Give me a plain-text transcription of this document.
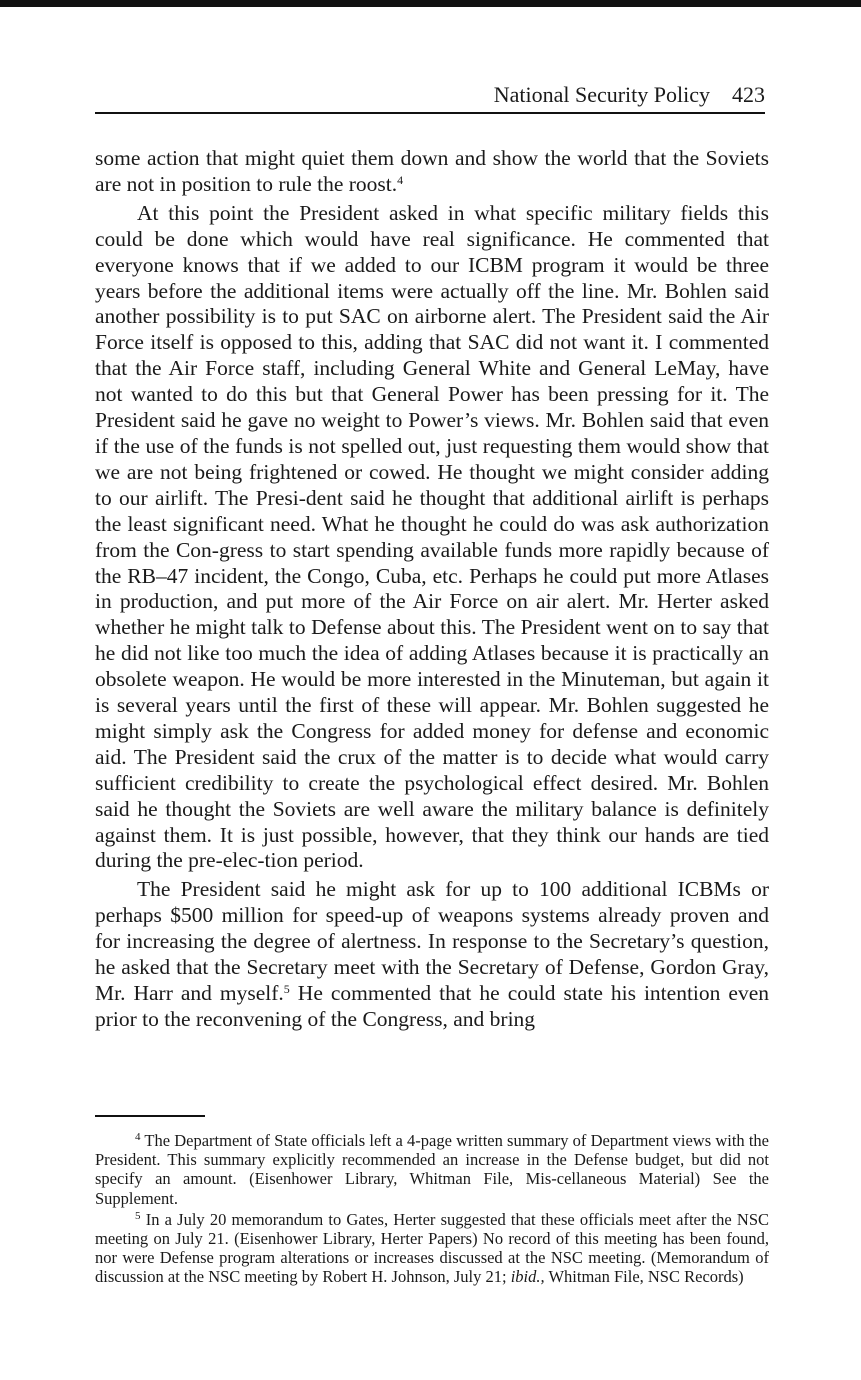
National Security Policy 423

some action that might quiet them down and show the world that the Soviets are not in position to rule the roost.$^4$

At this point the President asked in what specific military fields this could be done which would have real significance. He commented that everyone knows that if we added to our ICBM program it would be three years before the additional items were actually off the line. Mr. Bohlen said another possibility is to put SAC on airborne alert. The President said the Air Force itself is opposed to this, adding that SAC did not want it. I commented that the Air Force staff, including General White and General LeMay, have not wanted to do this but that General Power has been pressing for it. The President said he gave no weight to Power’s views. Mr. Bohlen said that even if the use of the funds is not spelled out, just requesting them would show that we are not being frightened or cowed. He thought we might consider adding to our airlift. The Presi-dent said he thought that additional airlift is perhaps the least significant need. What he thought he could do was ask authorization from the Con-gress to start spending available funds more rapidly because of the RB–47 incident, the Congo, Cuba, etc. Perhaps he could put more Atlases in production, and put more of the Air Force on air alert. Mr. Herter asked whether he might talk to Defense about this. The President went on to say that he did not like too much the idea of adding Atlases because it is practically an obsolete weapon. He would be more interested in the Minuteman, but again it is several years until the first of these will appear. Mr. Bohlen suggested he might simply ask the Congress for added money for defense and economic aid. The President said the crux of the matter is to decide what would carry sufficient credibility to create the psychological effect desired. Mr. Bohlen said he thought the Soviets are well aware the military balance is definitely against them. It is just possible, however, that they think our hands are tied during the pre-elec-tion period.

The President said he might ask for up to 100 additional ICBMs or perhaps $500 million for speed-up of weapons systems already proven and for increasing the degree of alertness. In response to the Secretary’s question, he asked that the Secretary meet with the Secretary of Defense, Gordon Gray, Mr. Harr and myself.$^5$ He commented that he could state his intention even prior to the reconvening of the Congress, and bring

$^4$ The Department of State officials left a 4-page written summary of Department views with the President. This summary explicitly recommended an increase in the Defense budget, but did not specify an amount. (Eisenhower Library, Whitman File, Mis-cellaneous Material) See the Supplement.

$^5$ In a July 20 memorandum to Gates, Herter suggested that these officials meet after the NSC meeting on July 21. (Eisenhower Library, Herter Papers) No record of this meeting has been found, nor were Defense program alterations or increases discussed at the NSC meeting. (Memorandum of discussion at the NSC meeting by Robert H. Johnson, July 21; ibid., Whitman File, NSC Records)
